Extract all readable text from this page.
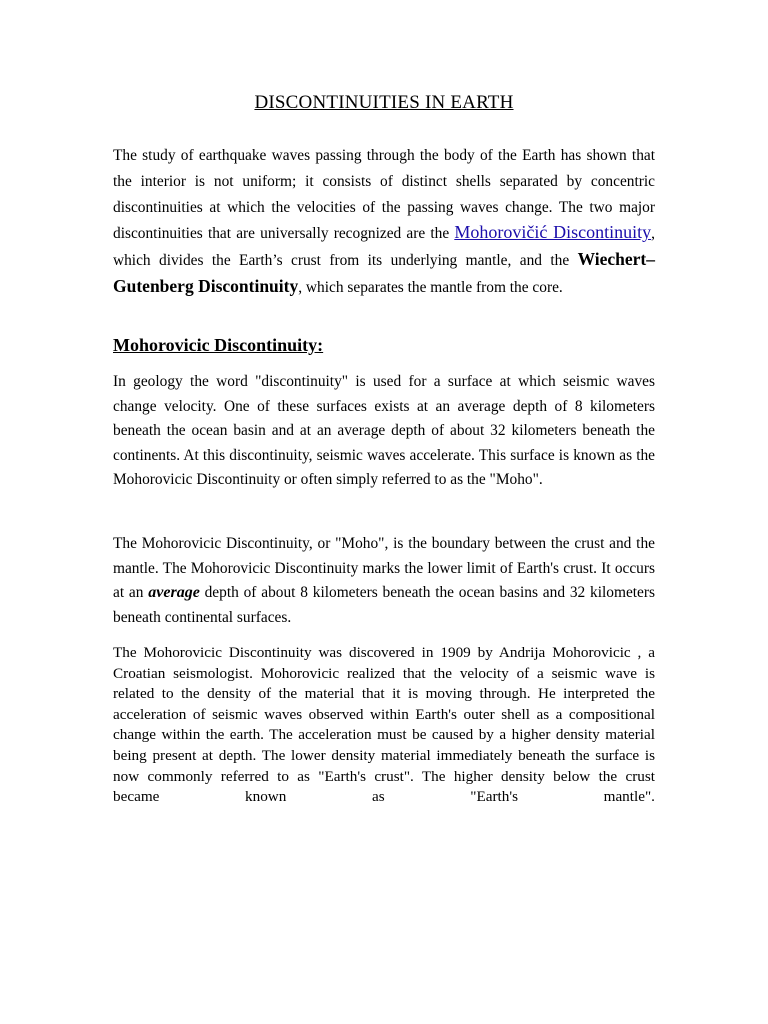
DISCONTINUITIES IN EARTH

The study of earthquake waves passing through the body of the Earth has shown that the interior is not uniform; it consists of distinct shells separated by concentric discontinuities at which the velocities of the passing waves change. The two major discontinuities that are universally recognized are the Mohorovičić Discontinuity, which divides the Earth’s crust from its underlying mantle, and the Wiechert–Gutenberg Discontinuity, which separates the mantle from the core.

Mohorovicic Discontinuity:

In geology the word "discontinuity" is used for a surface at which seismic waves change velocity. One of these surfaces exists at an average depth of 8 kilometers beneath the ocean basin and at an average depth of about 32 kilometers beneath the continents. At this discontinuity, seismic waves accelerate. This surface is known as the Mohorovicic Discontinuity or often simply referred to as the "Moho".

The Mohorovicic Discontinuity, or "Moho", is the boundary between the crust and the mantle. The Mohorovicic Discontinuity marks the lower limit of Earth's crust. It occurs at an average depth of about 8 kilometers beneath the ocean basins and 32 kilometers beneath continental surfaces.

The Mohorovicic Discontinuity was discovered in 1909 by Andrija Mohorovicic , a Croatian seismologist. Mohorovicic realized that the velocity of a seismic wave is related to the density of the material that it is moving through. He interpreted the acceleration of seismic waves observed within Earth's outer shell as a compositional change within the earth. The acceleration must be caused by a higher density material being present at depth. The lower density material immediately beneath the surface is now commonly referred to as "Earth's crust". The higher density below the crust
became	known	as	"Earth's	mantle".
